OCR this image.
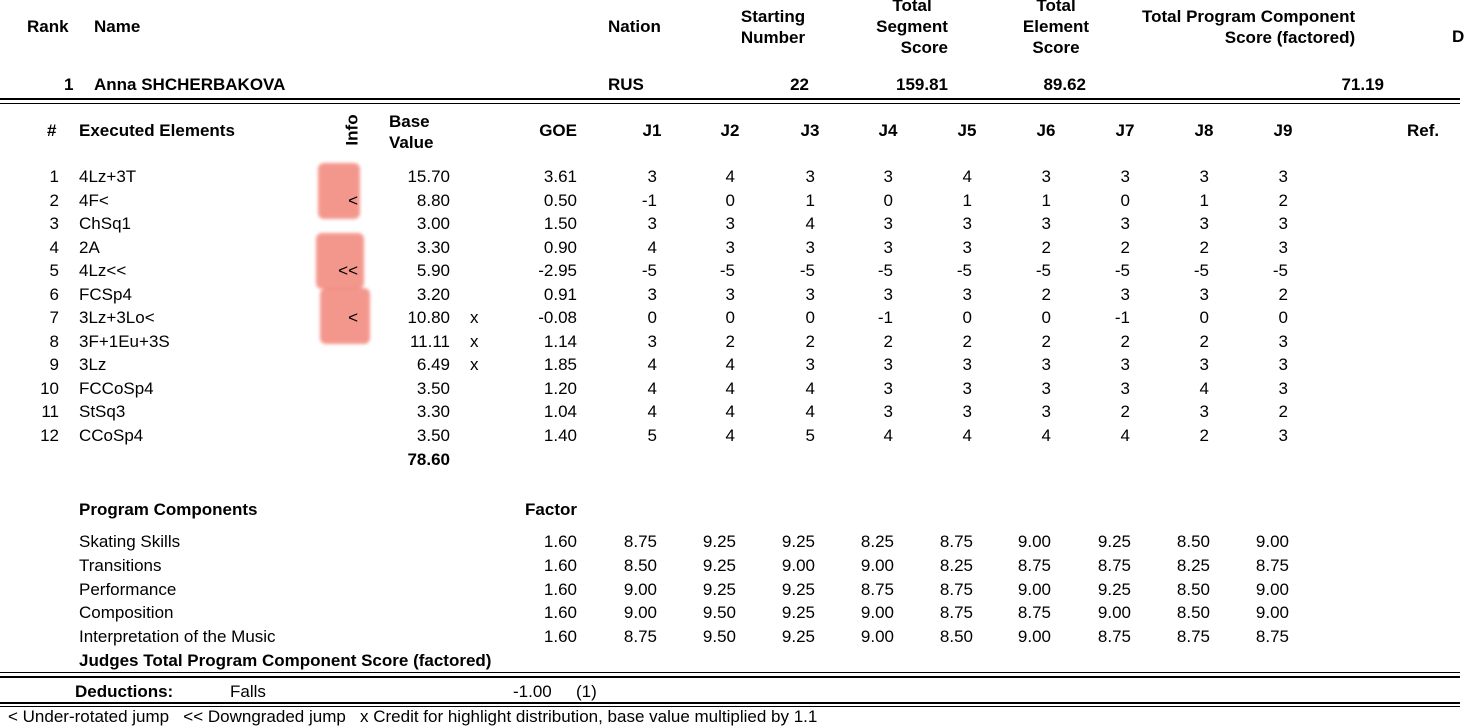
Rank Name	Nation
Starting
Number
Total
Segment
Score
Total
Element
Score
Total Program Component
Score (factored)	D
1 Anna SHCHERBAKOVA	RUS	22	159.81	89.62	71.19
# Executed Elements	Info Base
Value
GOE	Ref.
J1	J2	J3	J4	J5	J6	J7	J8	J9
1 4Lz+3T	15.70	3.61	3	4	3	3	4	3	3	3	3
2 4F<	<	8.80	0.50	-1	0	1	0	1	1	0	1	2
3 ChSq1	3.00	1.50	3	3	4	3	3	3	3	3	3
4 2A	3.30	0.90	4	3	3	3	3	2	2	2	3
5 4Lz<<	<<	5.90	-2.95	-5	-5	-5	-5	-5	-5	-5	-5	-5
6 FCSp4	3.20	0.91	3	3	3	3	3	2	3	3	2
7 3Lz+3Lo<	<	10.80 x	-0.08	0	0	0	-1	0	0	-1	0	0
8 3F+1Eu+3S	11.11 x	1.14	3	2	2	2	2	2	2	2	3
9 3Lz	6.49 x	1.85	4	4	3	3	3	3	3	3	3
10 FCCoSp4	3.50	1.20	4	4	4	3	3	3	3	4	3
11 StSq3	3.30	1.04	4	4	4	3	3	3	2	3	2
12 CCoSp4	3.50	1.40	5	4	5	4	4	4	4	2	3
78.60
Program Components	Factor
Skating Skills	1.60	8.75	9.25	9.25	8.25	8.75	9.00	9.25	8.50	9.00
Transitions	1.60	8.50	9.25	9.00	9.00	8.25	8.75	8.75	8.25	8.75
Performance	1.60	9.00	9.25	9.25	8.75	8.75	9.00	9.25	8.50	9.00
Composition	1.60	9.00	9.50	9.25	9.00	8.75	8.75	9.00	8.50	9.00
Interpretation of the Music	1.60	8.75	9.50	9.25	9.00	8.50	9.00	8.75	8.75	8.75
Judges Total Program Component Score (factored)
Deductions:	Falls	-1.00 (1)
< Under-rotated jump   << Downgraded jump   x Credit for highlight distribution, base value multiplied by 1.1
